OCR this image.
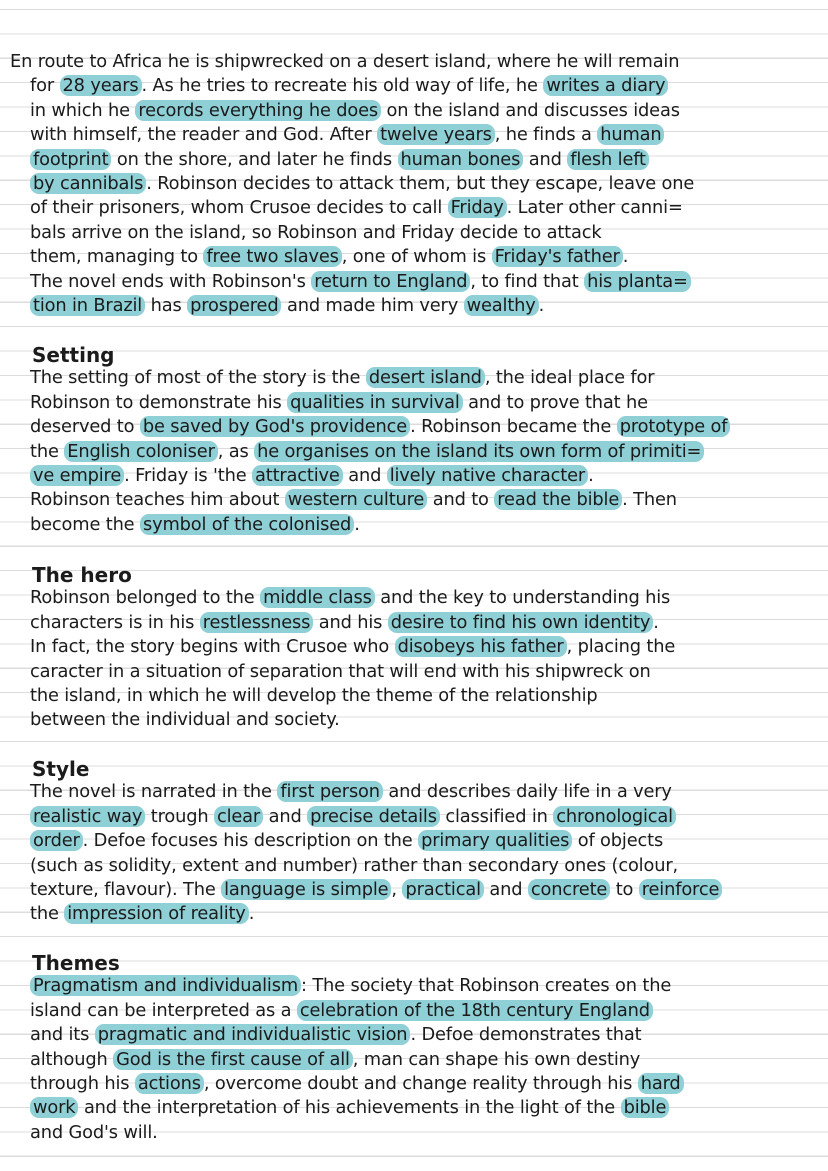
En route to Africa he is shipwrecked on a desert island, where he will remain
for 28 years . As he tries to recreate his old way of life, he writes a diary
in which he records everything he does on the island and discusses ideas
with himself, the reader and God. After twelve years , he finds a human
footprint on the shore, and later he finds human bones and flesh left
by cannibals . Robinson decides to attack them, but they escape, leave one
of their prisoners, whom Crusoe decides to call Friday . Later other canni=
bals arrive on the island, so Robinson and Friday decide to attack
them, managing to free two slaves , one of whom is Friday's father .
The novel ends with Robinson's return to England , to find that his planta=
tion in Brazil has prospered and made him very wealthy .
Setting
The setting of most of the story is the desert island , the ideal place for
Robinson to demonstrate his qualities in survival and to prove that he
deserved to be saved by God's providence . Robinson became the prototype of
the English coloniser , as he organises on the island its own form of primiti=
ve empire . Friday is 'the attractive and lively native character .
Robinson teaches him about western culture and to read the bible . Then
become the symbol of the colonised .
The hero
Robinson belonged to the middle class and the key to understanding his
characters is in his restlessness and his desire to find his own identity .
In fact, the story begins with Crusoe who disobeys his father , placing the
caracter in a situation of separation that will end with his shipwreck on
the island, in which he will develop the theme of the relationship
between the individual and society.
Style
The novel is narrated in the first person and describes daily life in a very
realistic way trough clear and precise details classified in chronological
order . Defoe focuses his description on the primary qualities of objects
(such as solidity, extent and number) rather than secondary ones (colour,
texture, flavour). The language is simple , practical and concrete to reinforce
the impression of reality .
Themes
Pragmatism and individualism : The society that Robinson creates on the
island can be interpreted as a celebration of the 18th century England
and its pragmatic and individualistic vision . Defoe demonstrates that
although God is the first cause of all , man can shape his own destiny
through his actions , overcome doubt and change reality through his hard
work and the interpretation of his achievements in the light of the bible
and God's will.
